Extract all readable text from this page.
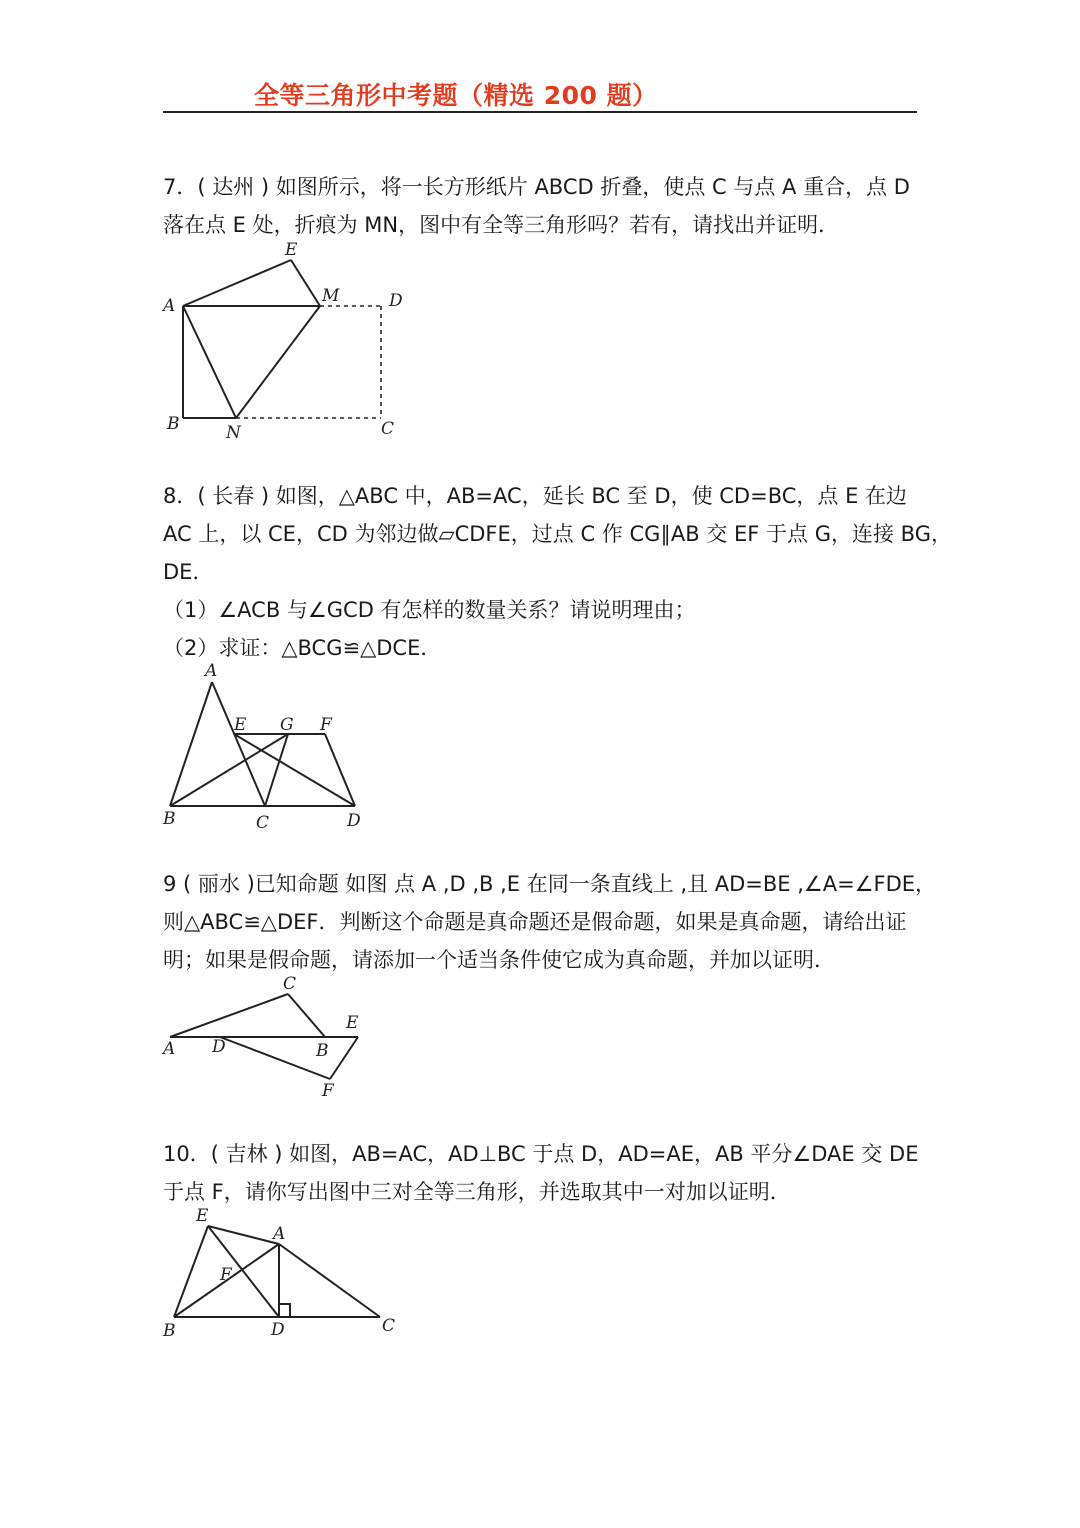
全等三角形中考题（精选 200 题）
7．( 达州 ) 如图所示，将一长方形纸片 ABCD 折叠，使点 C 与点 A 重合，点 D
落在点 E 处，折痕为 MN，图中有全等三角形吗？若有，请找出并证明．
A
B	N	C
D
M
E
8．( 长春 ) 如图，△ABC 中，AB=AC，延长 BC 至 D，使 CD=BC，点 E 在边
AC 上，以 CE，CD 为邻边做▱CDFE，过点 C 作 CG∥AB 交 EF 于点 G，连接 BG，
DE．
（1）∠ACB 与∠GCD 有怎样的数量关系？请说明理由；
（2）求证：△BCG≌△DCE．
A
E G F
B	C	D
9 ( 丽水 )已知命题 如图 点 A ,D ,B ,E 在同一条直线上 ,且 AD=BE ,∠A=∠FDE，
则△ABC≌△DEF．判断这个命题是真命题还是假命题，如果是真命题，请给出证
明；如果是假命题，请添加一个适当条件使它成为真命题，并加以证明．
C
E
A D	B
F
10．( 吉林 ) 如图，AB=AC，AD⊥BC 于点 D，AD=AE，AB 平分∠DAE 交 DE
于点 F，请你写出图中三对全等三角形，并选取其中一对加以证明．
E
A
F
B	D	C
